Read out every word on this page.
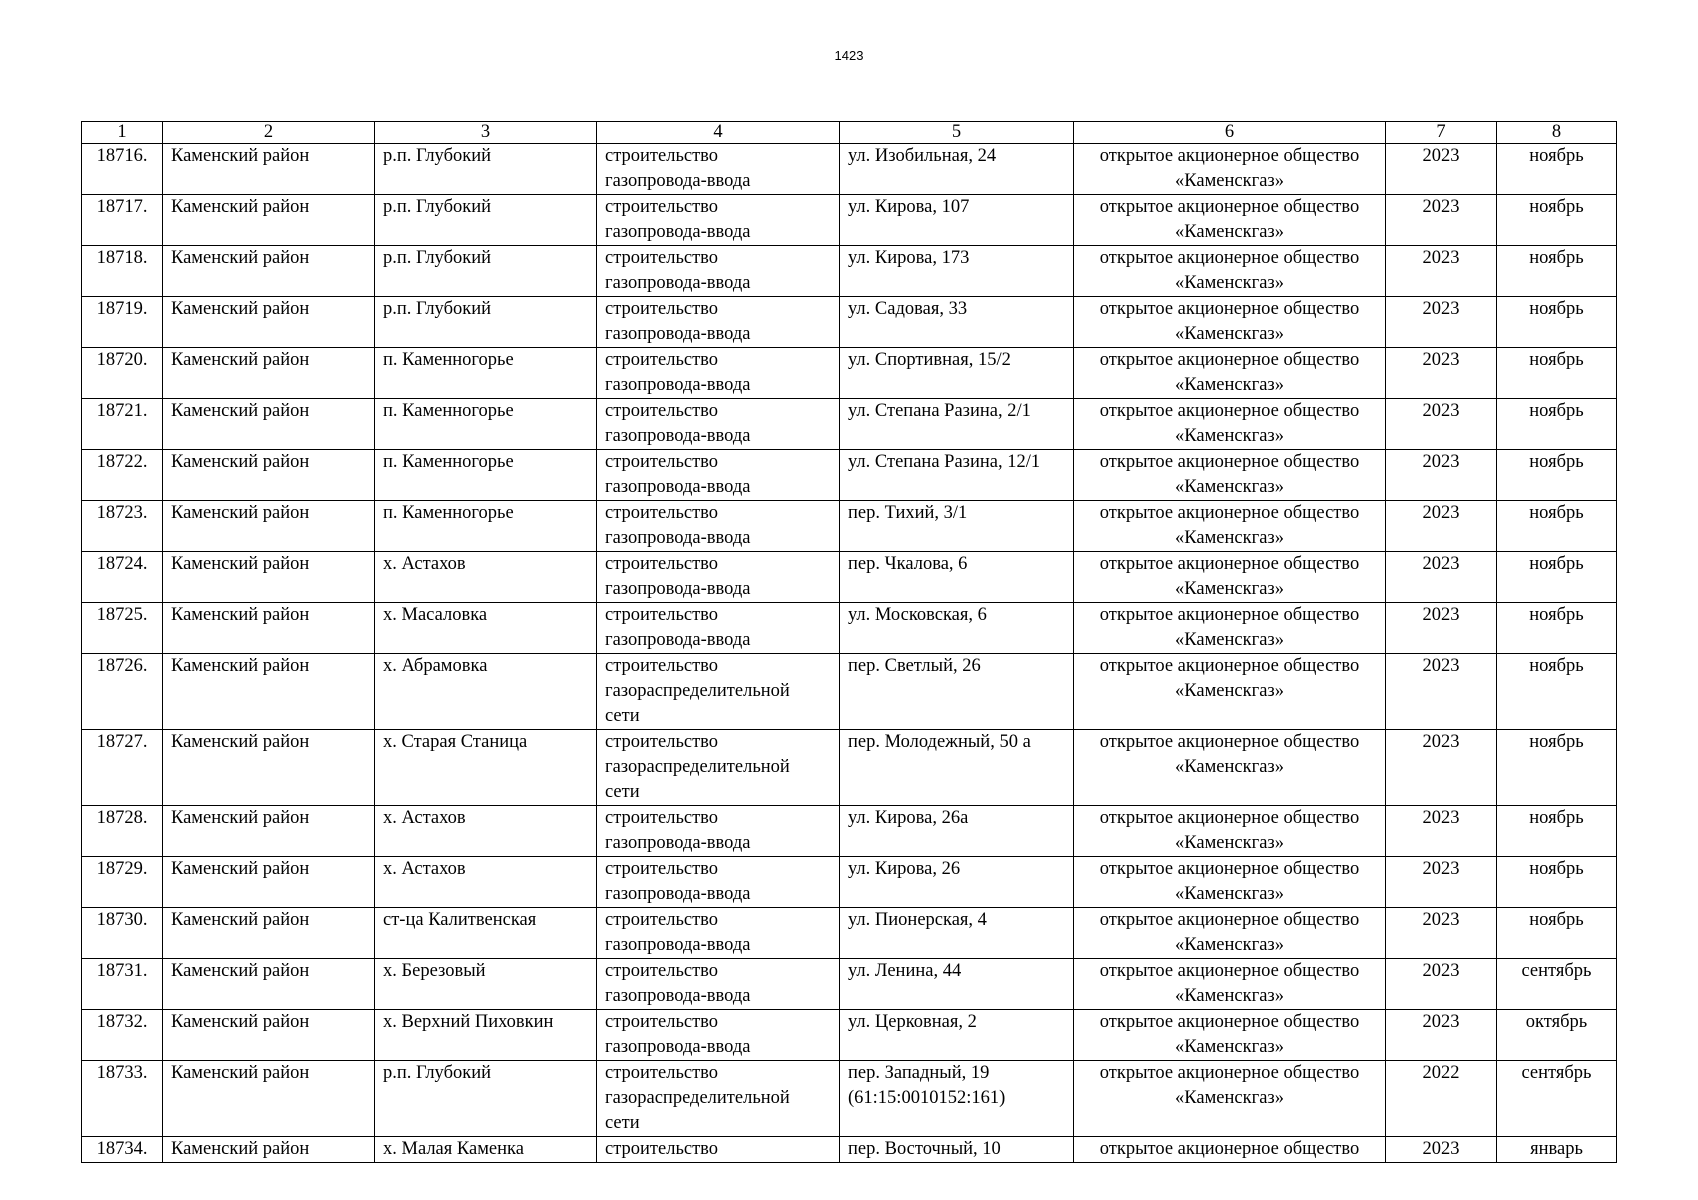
1423
1	2	3	4	5	6	7	8
18716.	Каменский район	р.п. Глубокий	строительство
газопровода-ввода	ул. Изобильная, 24	открытое акционерное общество
«Каменскгаз»	2023	ноябрь
18717.	Каменский район	р.п. Глубокий	строительство
газопровода-ввода	ул. Кирова, 107	открытое акционерное общество
«Каменскгаз»	2023	ноябрь
18718.	Каменский район	р.п. Глубокий	строительство
газопровода-ввода	ул. Кирова, 173	открытое акционерное общество
«Каменскгаз»	2023	ноябрь
18719.	Каменский район	р.п. Глубокий	строительство
газопровода-ввода	ул. Садовая, 33	открытое акционерное общество
«Каменскгаз»	2023	ноябрь
18720.	Каменский район	п. Каменногорье	строительство
газопровода-ввода	ул. Спортивная, 15/2	открытое акционерное общество
«Каменскгаз»	2023	ноябрь
18721.	Каменский район	п. Каменногорье	строительство
газопровода-ввода	ул. Степана Разина, 2/1	открытое акционерное общество
«Каменскгаз»	2023	ноябрь
18722.	Каменский район	п. Каменногорье	строительство
газопровода-ввода	ул. Степана Разина, 12/1	открытое акционерное общество
«Каменскгаз»	2023	ноябрь
18723.	Каменский район	п. Каменногорье	строительство
газопровода-ввода	пер. Тихий, 3/1	открытое акционерное общество
«Каменскгаз»	2023	ноябрь
18724.	Каменский район	х. Астахов	строительство
газопровода-ввода	пер. Чкалова, 6	открытое акционерное общество
«Каменскгаз»	2023	ноябрь
18725.	Каменский район	х. Масаловка	строительство
газопровода-ввода	ул. Московская, 6	открытое акционерное общество
«Каменскгаз»	2023	ноябрь
18726.	Каменский район	х. Абрамовка	строительство
газораспределительной
сети	пер. Светлый, 26	открытое акционерное общество
«Каменскгаз»	2023	ноябрь
18727.	Каменский район	х. Старая Станица	строительство
газораспределительной
сети	пер. Молодежный, 50 а	открытое акционерное общество
«Каменскгаз»	2023	ноябрь
18728.	Каменский район	х. Астахов	строительство
газопровода-ввода	ул. Кирова, 26а	открытое акционерное общество
«Каменскгаз»	2023	ноябрь
18729.	Каменский район	х. Астахов	строительство
газопровода-ввода	ул. Кирова, 26	открытое акционерное общество
«Каменскгаз»	2023	ноябрь
18730.	Каменский район	ст-ца Калитвенская	строительство
газопровода-ввода	ул. Пионерская, 4	открытое акционерное общество
«Каменскгаз»	2023	ноябрь
18731.	Каменский район	х. Березовый	строительство
газопровода-ввода	ул. Ленина, 44	открытое акционерное общество
«Каменскгаз»	2023	сентябрь
18732.	Каменский район	х. Верхний Пиховкин	строительство
газопровода-ввода	ул. Церковная, 2	открытое акционерное общество
«Каменскгаз»	2023	октябрь
18733.	Каменский район	р.п. Глубокий	строительство
газораспределительной
сети	пер. Западный, 19
(61:15:0010152:161)	открытое акционерное общество
«Каменскгаз»	2022	сентябрь
18734.	Каменский район	х. Малая Каменка	строительство	пер. Восточный, 10	открытое акционерное общество	2023	январь
